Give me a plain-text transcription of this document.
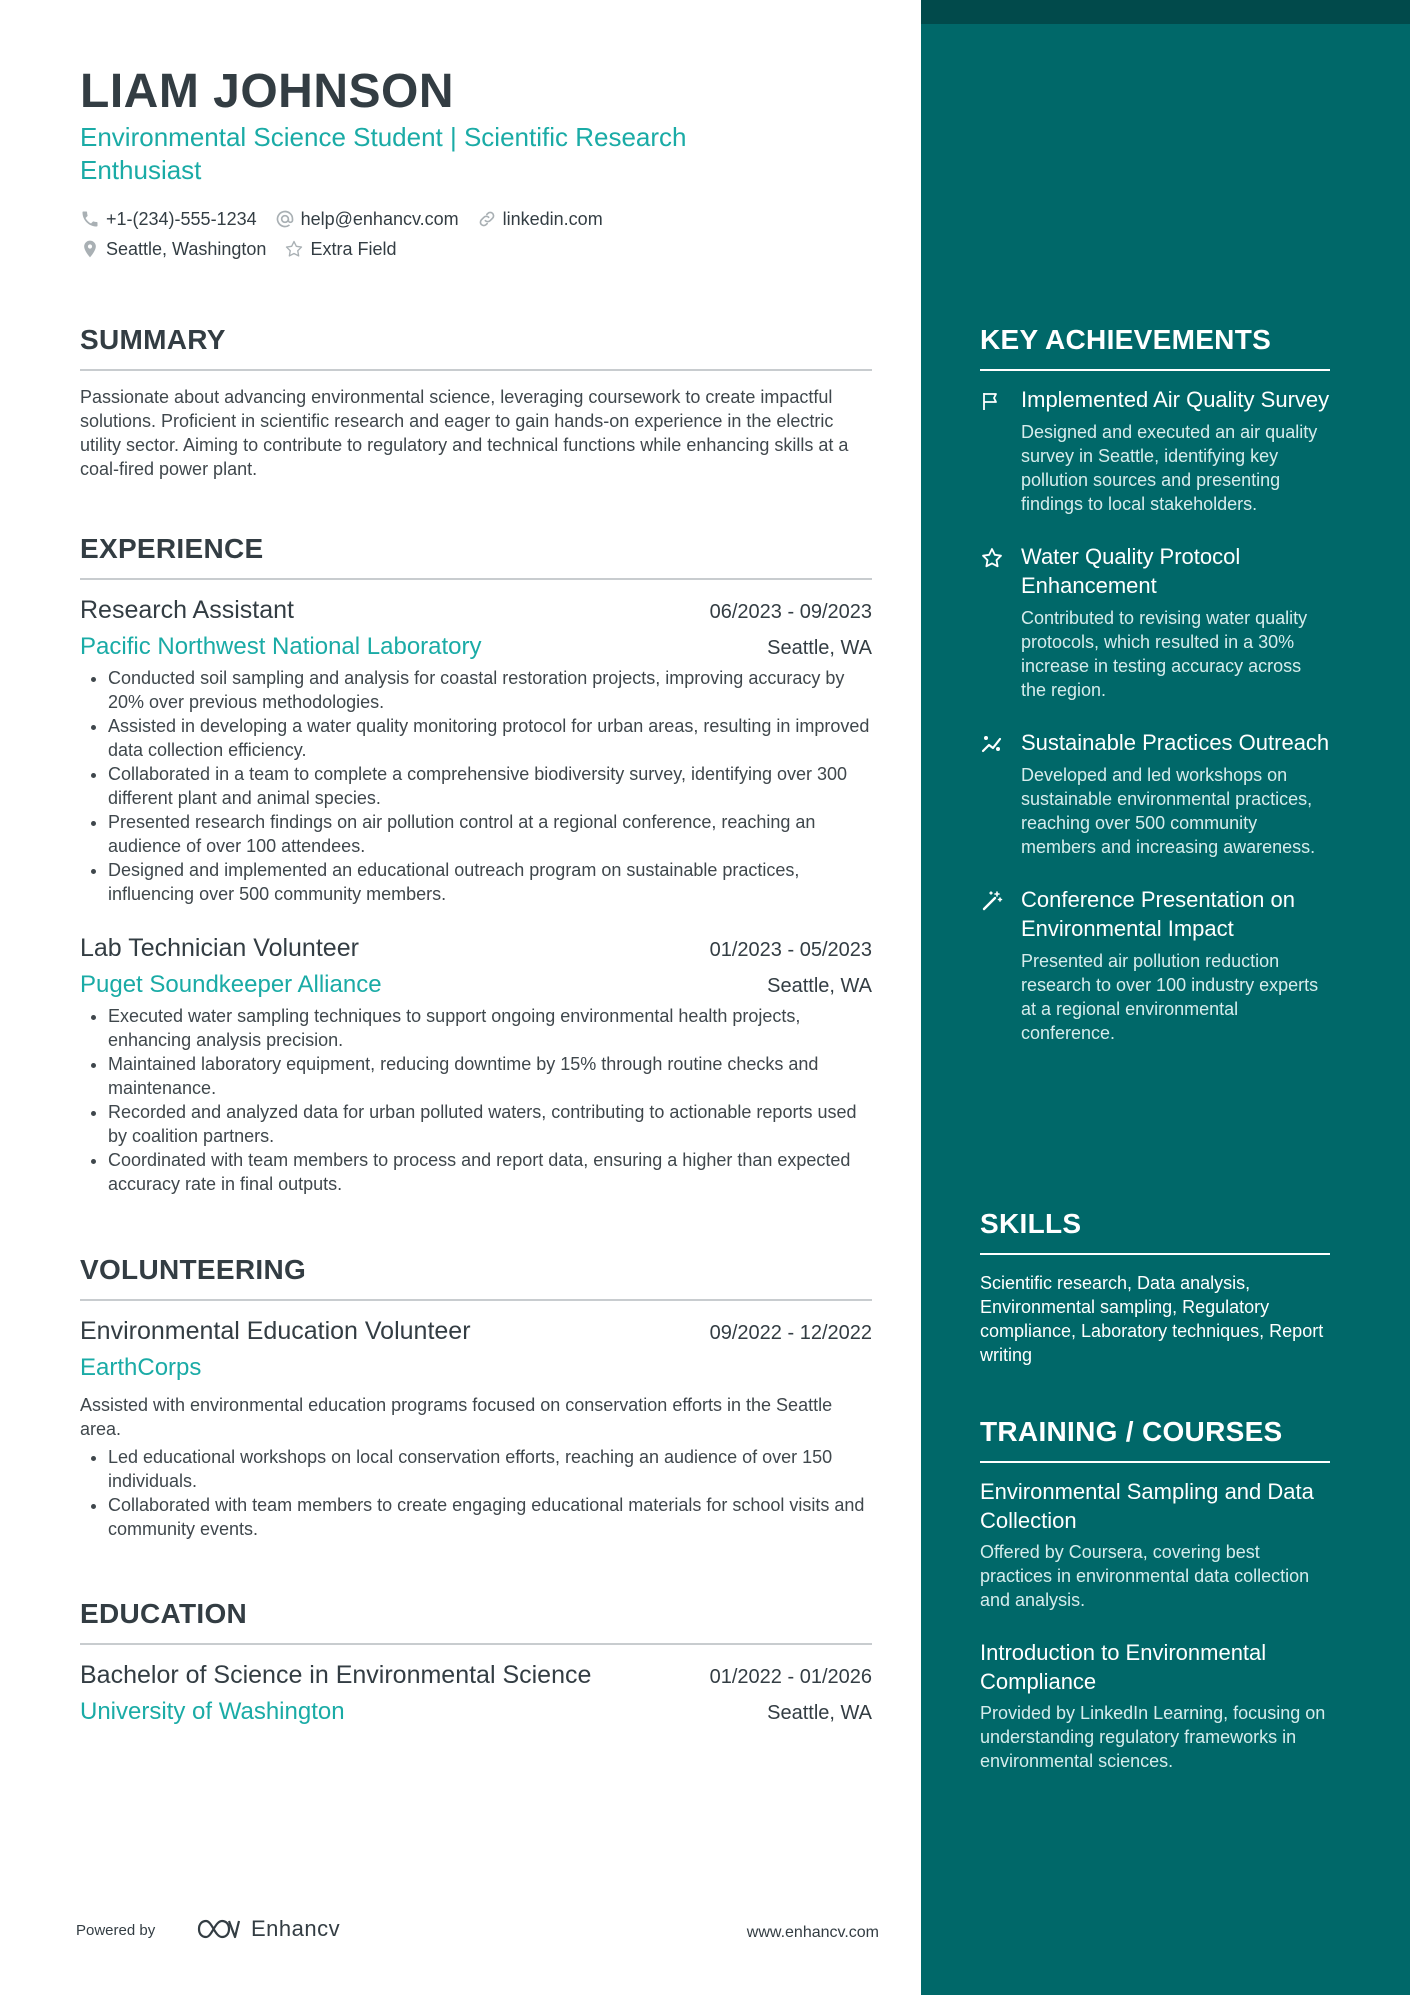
LIAM JOHNSON
Environmental Science Student | Scientific Research Enthusiast
+1-(234)-555-1234 help@enhancv.com linkedin.com
Seattle, Washington Extra Field
SUMMARY

Passionate about advancing environmental science, leveraging coursework to create impactful solutions. Proficient in scientific research and eager to gain hands-on experience in the electric utility sector. Aiming to contribute to regulatory and technical functions while enhancing skills at a coal-fired power plant.

EXPERIENCE
Research Assistant	06/2023 - 09/2023
Pacific Northwest National Laboratory	Seattle, WA
• Conducted soil sampling and analysis for coastal restoration projects, improving accuracy by 20% over previous methodologies.
• Assisted in developing a water quality monitoring protocol for urban areas, resulting in improved data collection efficiency.
• Collaborated in a team to complete a comprehensive biodiversity survey, identifying over 300 different plant and animal species.
• Presented research findings on air pollution control at a regional conference, reaching an audience of over 100 attendees.
• Designed and implemented an educational outreach program on sustainable practices, influencing over 500 community members.
Lab Technician Volunteer	01/2023 - 05/2023
Puget Soundkeeper Alliance	Seattle, WA
• Executed water sampling techniques to support ongoing environmental health projects, enhancing analysis precision.
• Maintained laboratory equipment, reducing downtime by 15% through routine checks and maintenance.
• Recorded and analyzed data for urban polluted waters, contributing to actionable reports used by coalition partners.
• Coordinated with team members to process and report data, ensuring a higher than expected accuracy rate in final outputs.
VOLUNTEERING
Environmental Education Volunteer	09/2022 - 12/2022
EarthCorps

Assisted with environmental education programs focused on conservation efforts in the Seattle area.

• Led educational workshops on local conservation efforts, reaching an audience of over 150 individuals.
• Collaborated with team members to create engaging educational materials for school visits and community events.
EDUCATION
Bachelor of Science in Environmental Science	01/2022 - 01/2026
University of Washington	Seattle, WA
Powered by	Enhancv	www.enhancv.com
KEY ACHIEVEMENTS
Implemented Air Quality Survey
Designed and executed an air quality survey in Seattle, identifying key pollution sources and presenting findings to local stakeholders.
Water Quality Protocol Enhancement
Contributed to revising water quality protocols, which resulted in a 30% increase in testing accuracy across the region.
Sustainable Practices Outreach
Developed and led workshops on sustainable environmental practices, reaching over 500 community members and increasing awareness.
Conference Presentation on Environmental Impact
Presented air pollution reduction research to over 100 industry experts at a regional environmental conference.
SKILLS
Scientific research, Data analysis, Environmental sampling, Regulatory compliance, Laboratory techniques, Report writing
TRAINING / COURSES
Environmental Sampling and Data Collection
Offered by Coursera, covering best practices in environmental data collection and analysis.
Introduction to Environmental Compliance
Provided by LinkedIn Learning, focusing on understanding regulatory frameworks in environmental sciences.
